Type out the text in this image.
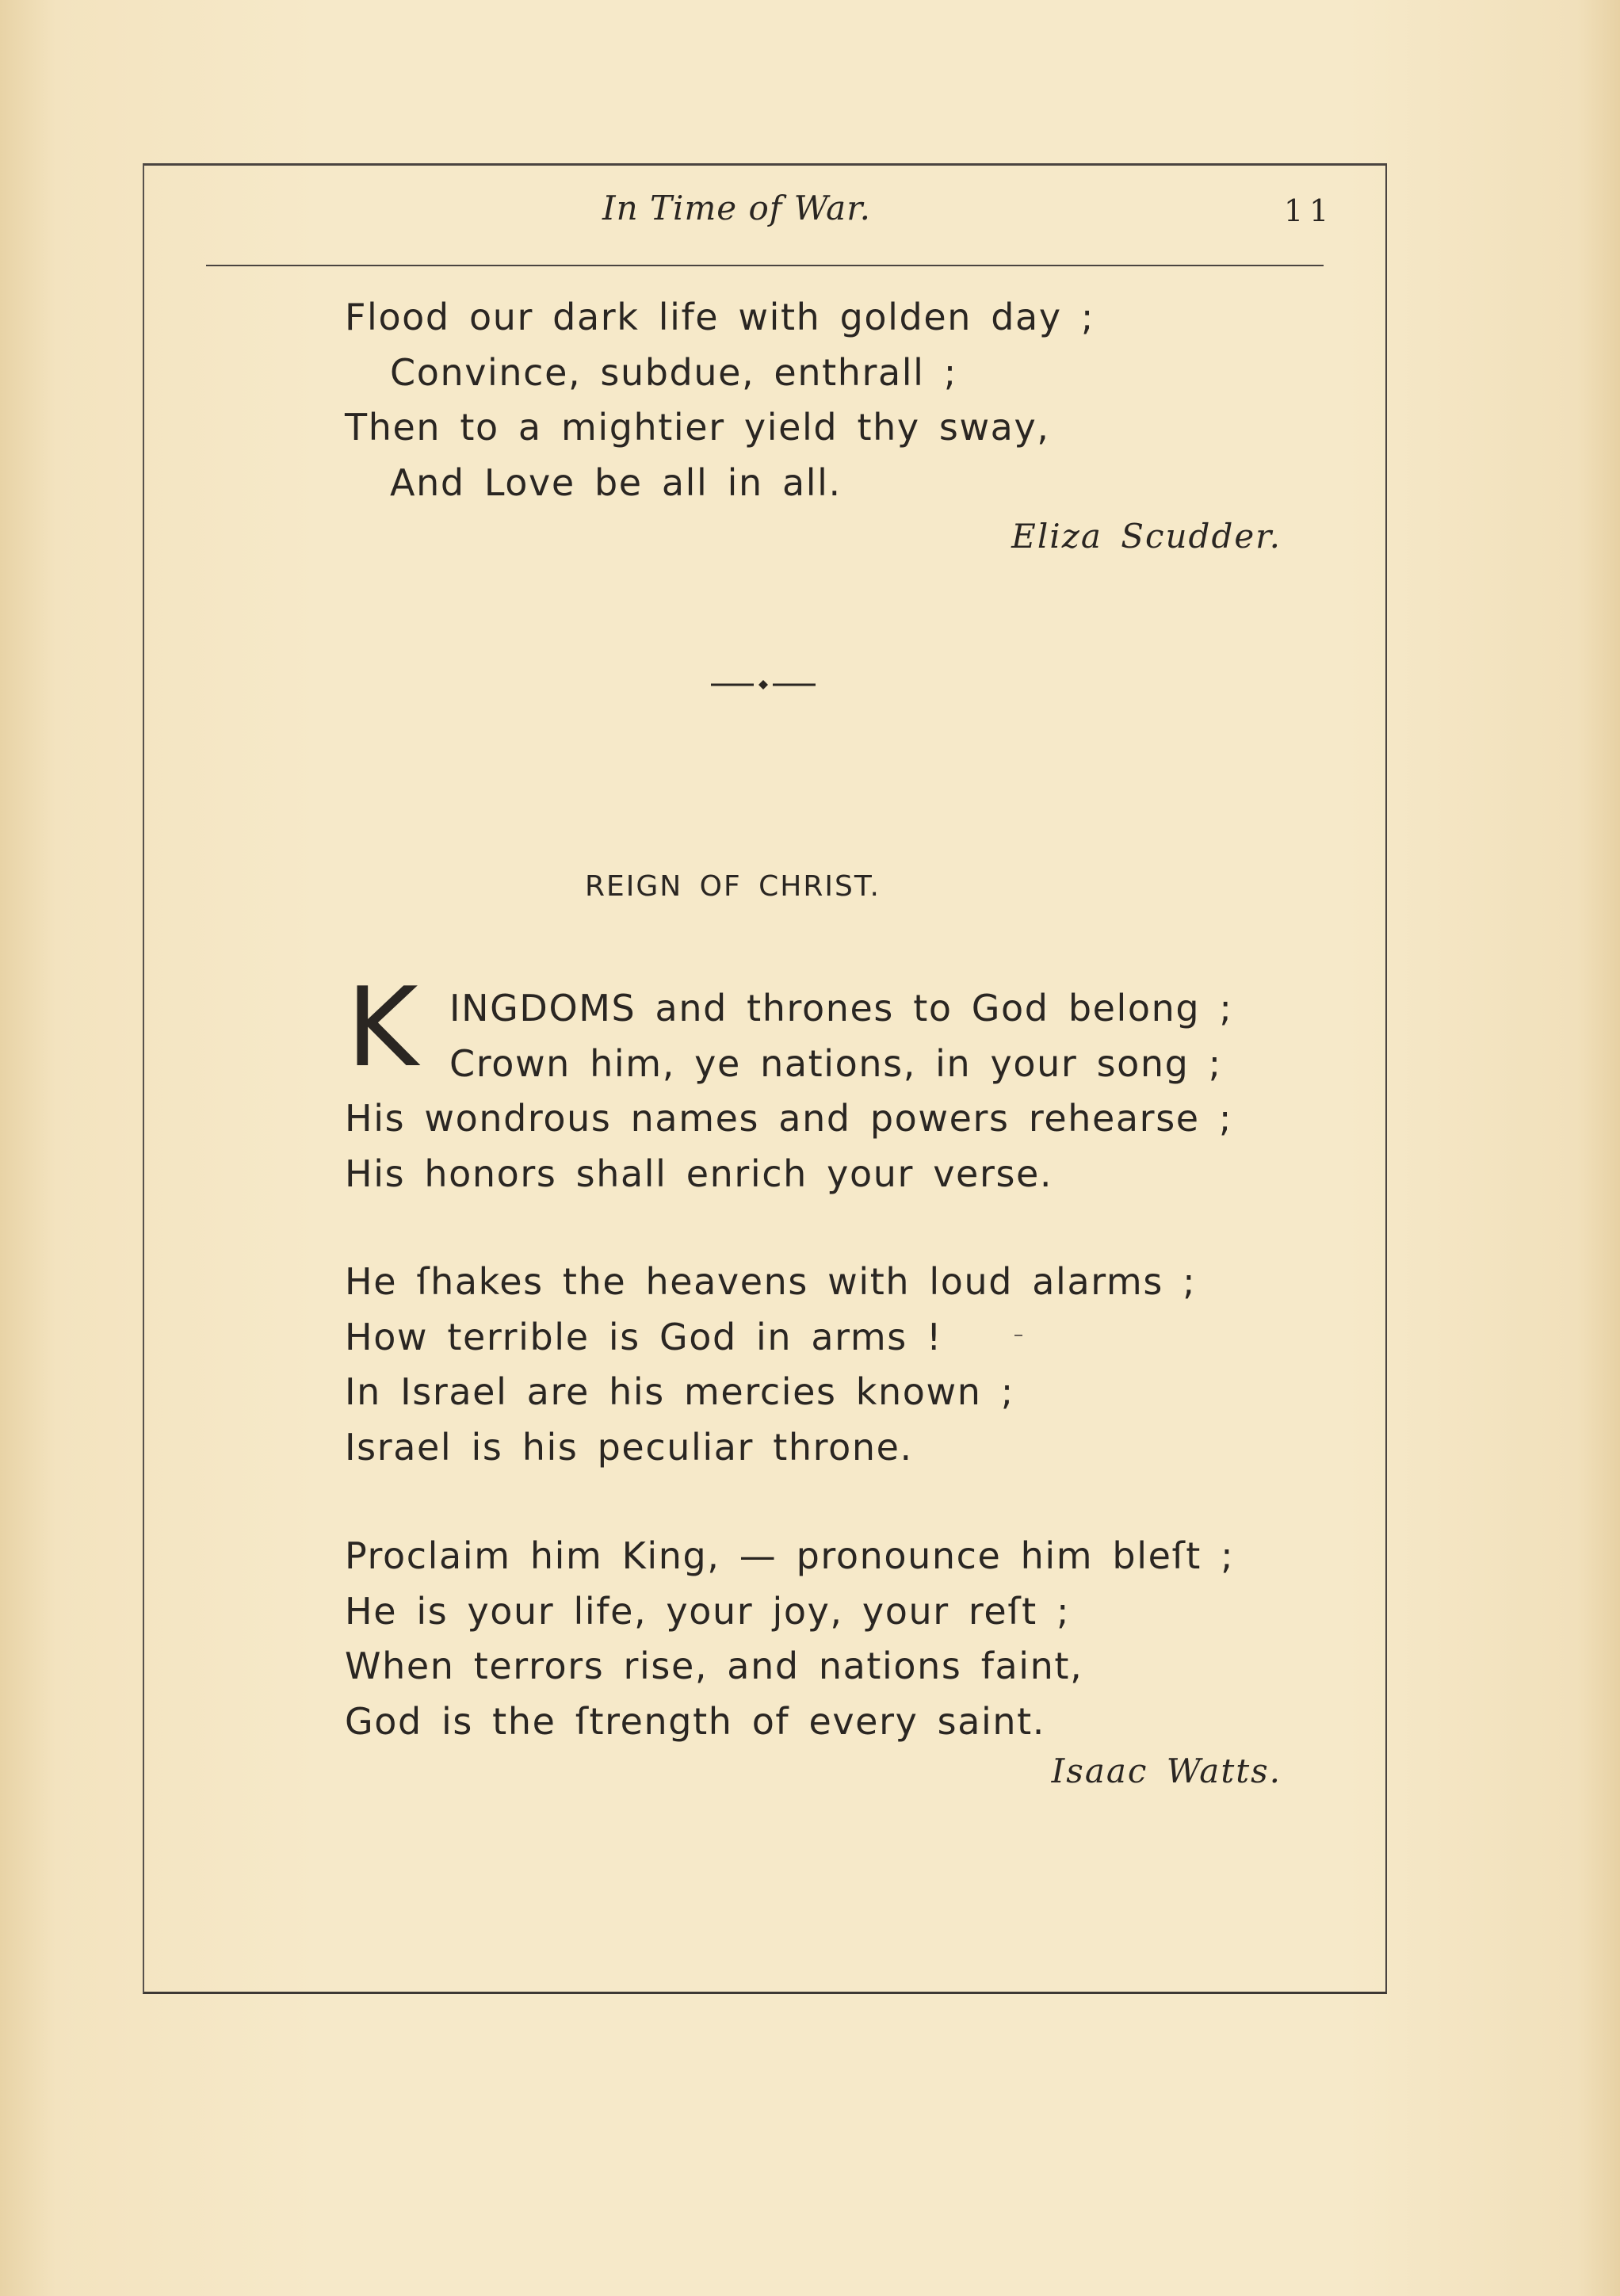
In Time of War.	11
Flood our dark life with golden day ;
Convince, subdue, enthrall ;
Then to a mightier yield thy sway,
And Love be all in all.
Eliza Scudder.
REIGN OF CHRIST.
K INGDOMS and thrones to God belong ;
Crown him, ye nations, in your song ;
His wondrous names and powers rehearse ;
His honors shall enrich your verse.
He ſhakes the heavens with loud alarms ;
How terrible is God in arms !
In Israel are his mercies known ;
Israel is his peculiar throne.
Proclaim him King, — pronounce him bleſt ;
He is your life, your joy, your reſt ;
When terrors rise, and nations faint,
God is the ſtrength of every saint.
Isaac Watts.
